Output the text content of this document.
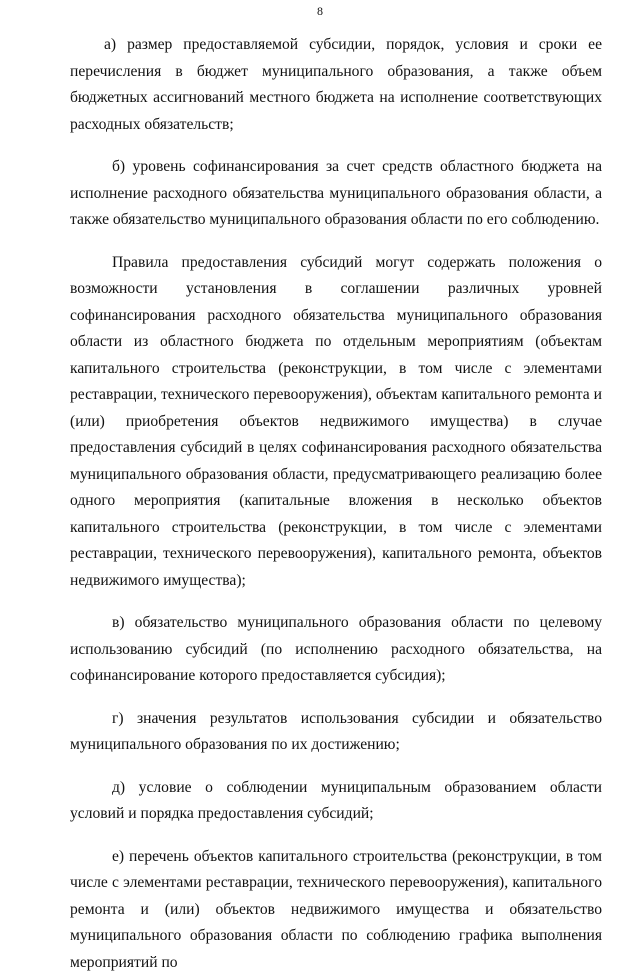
8

а) размер предоставляемой субсидии, порядок, условия и сроки ее перечисления в бюджет муниципального образования, а также объем бюджетных ассигнований местного бюджета на исполнение соответствующих расходных обязательств;

б) уровень софинансирования за счет средств областного бюджета на исполнение расходного обязательства муниципального образования области, а также обязательство муниципального образования области по его соблюдению.

Правила предоставления субсидий могут содержать положения о возможности установления в соглашении различных уровней софинансирования расходного обязательства муниципального образования области из областного бюджета по отдельным мероприятиям (объектам капитального строительства (реконструкции, в том числе с элементами реставрации, технического перевооружения), объектам капитального ремонта и (или) приобретения объектов недвижимого имущества) в случае предоставления субсидий в целях софинансирования расходного обязательства муниципального образования области, предусматривающего реализацию более одного мероприятия (капитальные вложения в несколько объектов капитального строительства (реконструкции, в том числе с элементами реставрации, технического перевооружения), капитального ремонта, объектов недвижимого имущества);

в) обязательство муниципального образования области по целевому использованию субсидий (по исполнению расходного обязательства, на софинансирование которого предоставляется субсидия);

г) значения результатов использования субсидии и обязательство муниципального образования по их достижению;

д) условие о соблюдении муниципальным образованием области условий и порядка предоставления субсидий;

е) перечень объектов капитального строительства (реконструкции, в том числе с элементами реставрации, технического перевооружения), капитального ремонта и (или) объектов недвижимого имущества и обязательство муниципального образования области по соблюдению графика выполнения мероприятий по
